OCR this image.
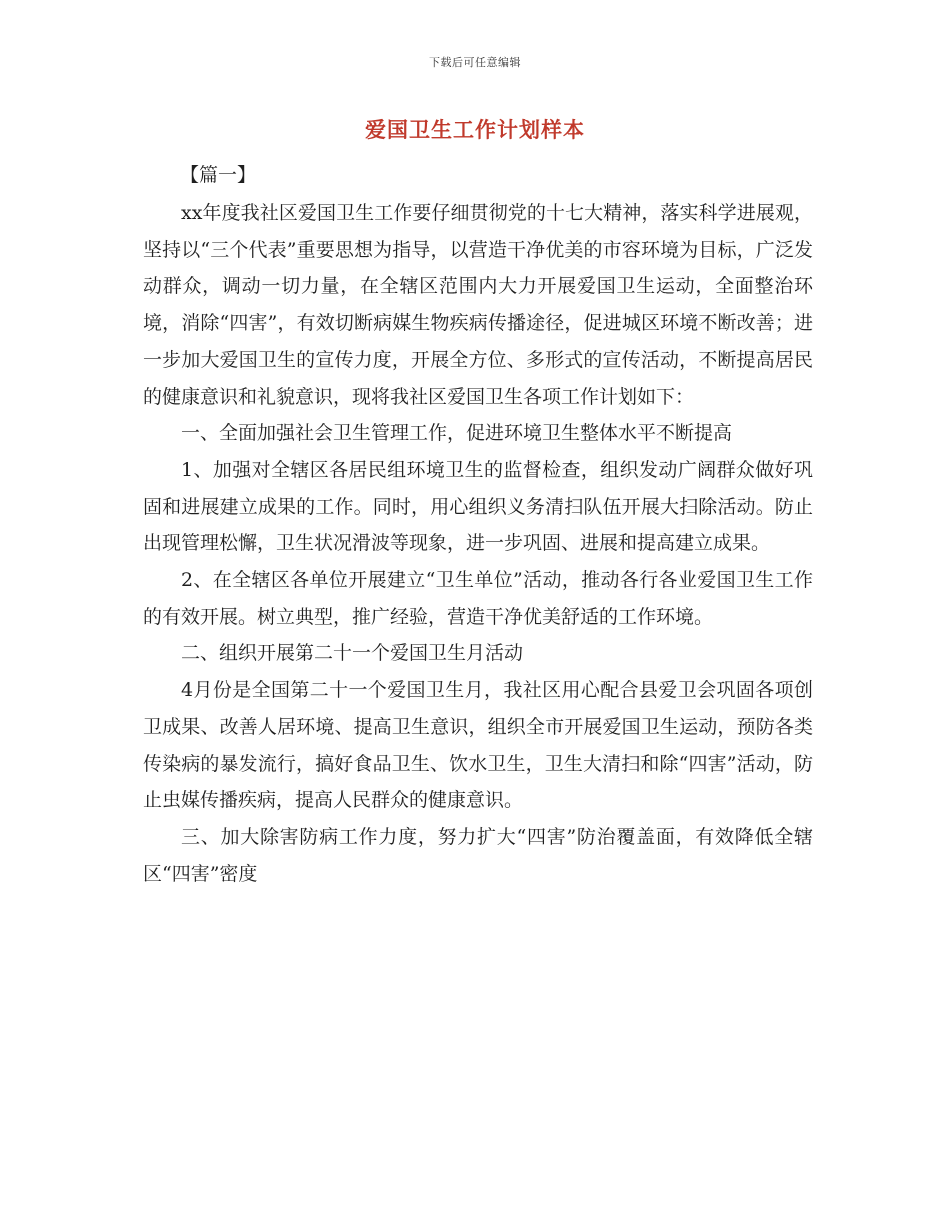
下载后可任意编辑
爱国卫生工作计划样本
【篇一】

xx年度我社区爱国卫生工作要仔细贯彻党的十七大精神，落实科学进展观，坚持以“三个代表”重要思想为指导，以营造干净优美的市容环境为目标，广泛发动群众，调动一切力量，在全辖区范围内大力开展爱国卫生运动，全面整治环境，消除“四害”，有效切断病媒生物疾病传播途径，促进城区环境不断改善；进一步加大爱国卫生的宣传力度，开展全方位、多形式的宣传活动，不断提高居民的健康意识和礼貌意识，现将我社区爱国卫生各项工作计划如下：

一、全面加强社会卫生管理工作，促进环境卫生整体水平不断提高

1、加强对全辖区各居民组环境卫生的监督检查，组织发动广阔群众做好巩固和进展建立成果的工作。同时，用心组织义务清扫队伍开展大扫除活动。防止出现管理松懈，卫生状况滑波等现象，进一步巩固、进展和提高建立成果。

2、在全辖区各单位开展建立“卫生单位”活动，推动各行各业爱国卫生工作的有效开展。树立典型，推广经验，营造干净优美舒适的工作环境。

二、组织开展第二十一个爱国卫生月活动

4月份是全国第二十一个爱国卫生月，我社区用心配合县爱卫会巩固各项创卫成果、改善人居环境、提高卫生意识，组织全市开展爱国卫生运动，预防各类传染病的暴发流行，搞好食品卫生、饮水卫生，卫生大清扫和除“四害”活动，防止虫媒传播疾病，提高人民群众的健康意识。

三、加大除害防病工作力度，努力扩大“四害”防治覆盖面，有效降低全辖区“四害”密度
